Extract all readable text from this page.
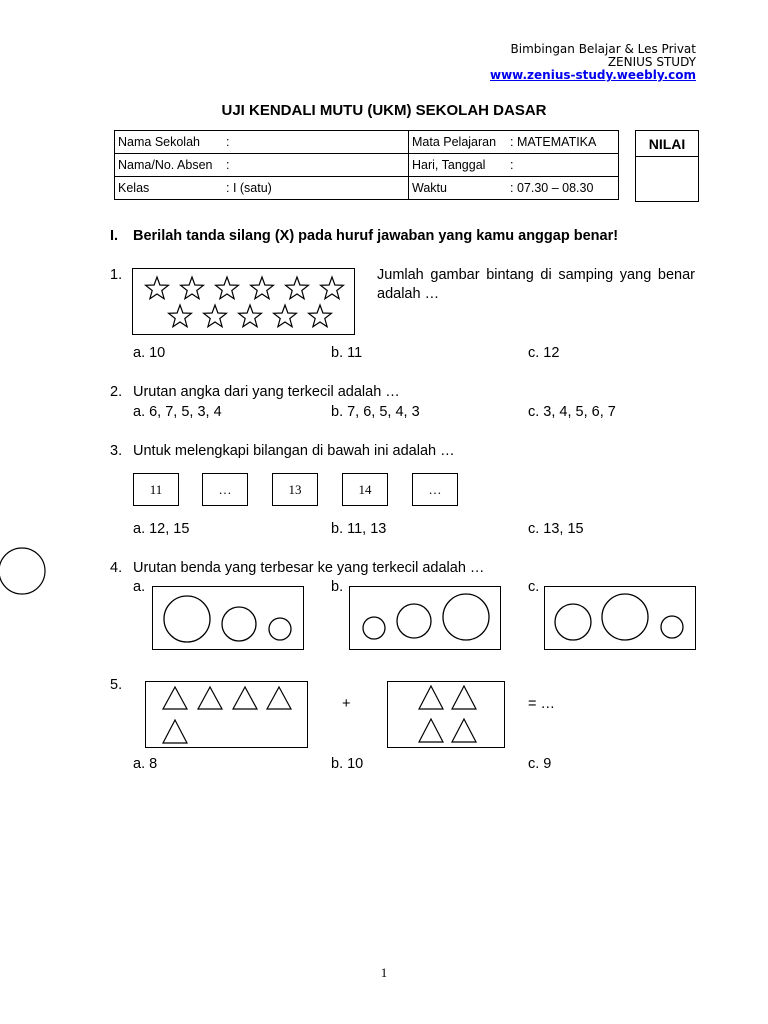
Bimbingan Belajar & Les Privat
ZENIUS STUDY
www.zenius-study.weebly.com
UJI KENDALI MUTU (UKM) SEKOLAH DASAR
Nama Sekolah :	Mata Pelajaran : MATEMATIKA
Nama/No. Absen :	Hari, Tanggal :
Kelas : I (satu)	Waktu : 07.30 – 08.30
NILAI
I. Berilah tanda silang (X) pada huruf jawaban yang kamu anggap benar!
1.	Jumlah gambar bintang di samping yang benar
adalah …
a. 10	b. 11	c. 12
2. Urutan angka dari yang terkecil adalah …
a. 6, 7, 5, 3, 4	b. 7, 6, 5, 4, 3	c. 3, 4, 5, 6, 7
3. Untuk melengkapi bilangan di bawah ini adalah …
11	…	13	14	…
a. 12, 15	b. 11, 13	c. 13, 15
4. Urutan benda yang terbesar ke yang terkecil adalah …
a.	b.	c.
5.
+	= …
a. 8	b. 10	c. 9
1
